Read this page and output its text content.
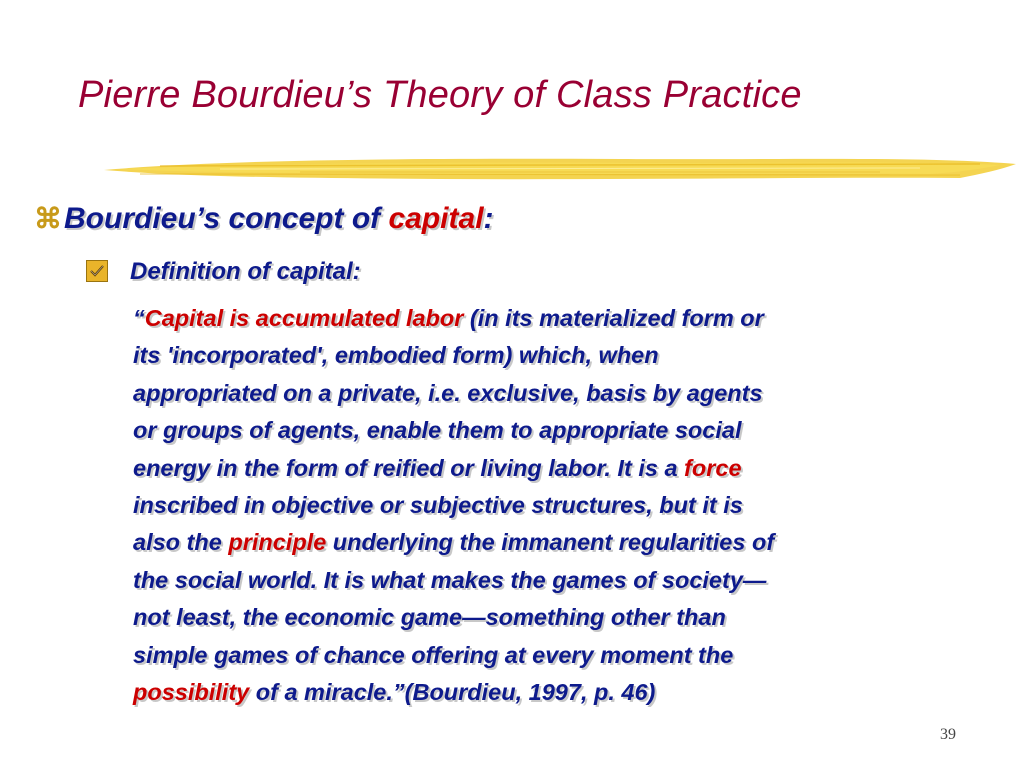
Pierre Bourdieu’s Theory of Class Practice
⌘Bourdieu’s concept of capital:
Definition of capital:
“Capital is accumulated labor (in its materialized form or
its 'incorporated', embodied form) which, when
appropriated on a private, i.e. exclusive, basis by agents
or groups of agents, enable them to appropriate social
energy in the form of reified or living labor. It is a force
inscribed in objective or subjective structures, but it is
also the principle underlying the immanent regularities of
the social world. It is what makes the games of society—
not least, the economic game—something other than
simple games of chance offering at every moment the
possibility of a miracle.”(Bourdieu, 1997, p. 46)
39
